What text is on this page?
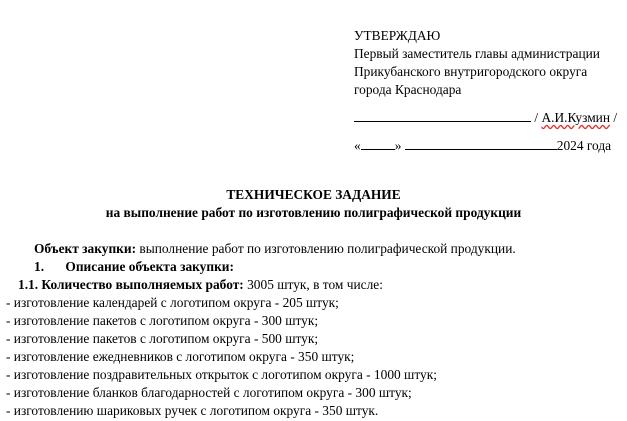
УТВЕРЖДАЮ
Первый заместитель главы администрации
Прикубанского внутригородского округа
города Краснодара
/ А.И.Кузмин /
«	»	2024 года
ТЕХНИЧЕСКОЕ ЗАДАНИЕ
на выполнение работ по изготовлению полиграфической продукции
Объект закупки: выполнение работ по изготовлению полиграфической продукции.
1. Описание объекта закупки:
1.1. Количество выполняемых работ: 3005 штук, в том числе:
- изготовление календарей с логотипом округа - 205 штук;
- изготовление пакетов с логотипом округа - 300 штук;
- изготовление пакетов с логотипом округа - 500 штук;
- изготовление ежедневников с логотипом округа - 350 штук;
- изготовление поздравительных открыток с логотипом округа - 1000 штук;
- изготовление бланков благодарностей с логотипом округа - 300 штук;
- изготовлению шариковых ручек с логотипом округа - 350 штук.
